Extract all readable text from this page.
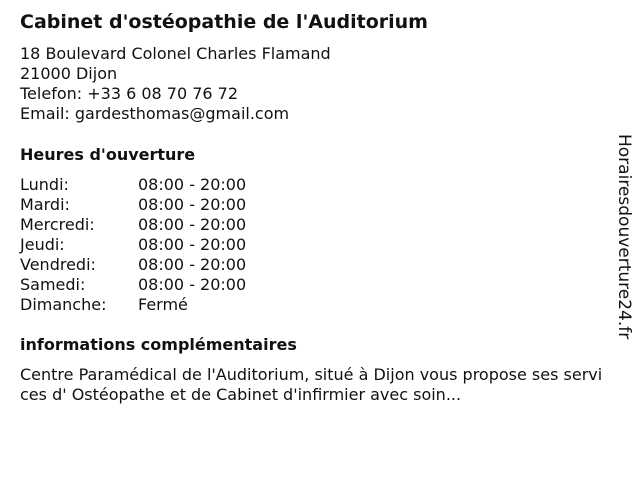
Cabinet d'ostéopathie de l'Auditorium
18 Boulevard Colonel Charles Flamand
21000 Dijon
Telefon: +33 6 08 70 76 72
Email: gardesthomas@gmail.com
Heures d'ouverture
Lundi:	08:00 - 20:00
Mardi:	08:00 - 20:00
Mercredi:	08:00 - 20:00
Jeudi:	08:00 - 20:00
Vendredi:	08:00 - 20:00
Samedi:	08:00 - 20:00
Dimanche:	Fermé
informations complémentaires
Centre Paramédical de l'Auditorium, situé à Dijon vous propose ses services d' Ostéopathe et de Cabinet d'infirmier avec soin...
Horairesdouverture24.fr
